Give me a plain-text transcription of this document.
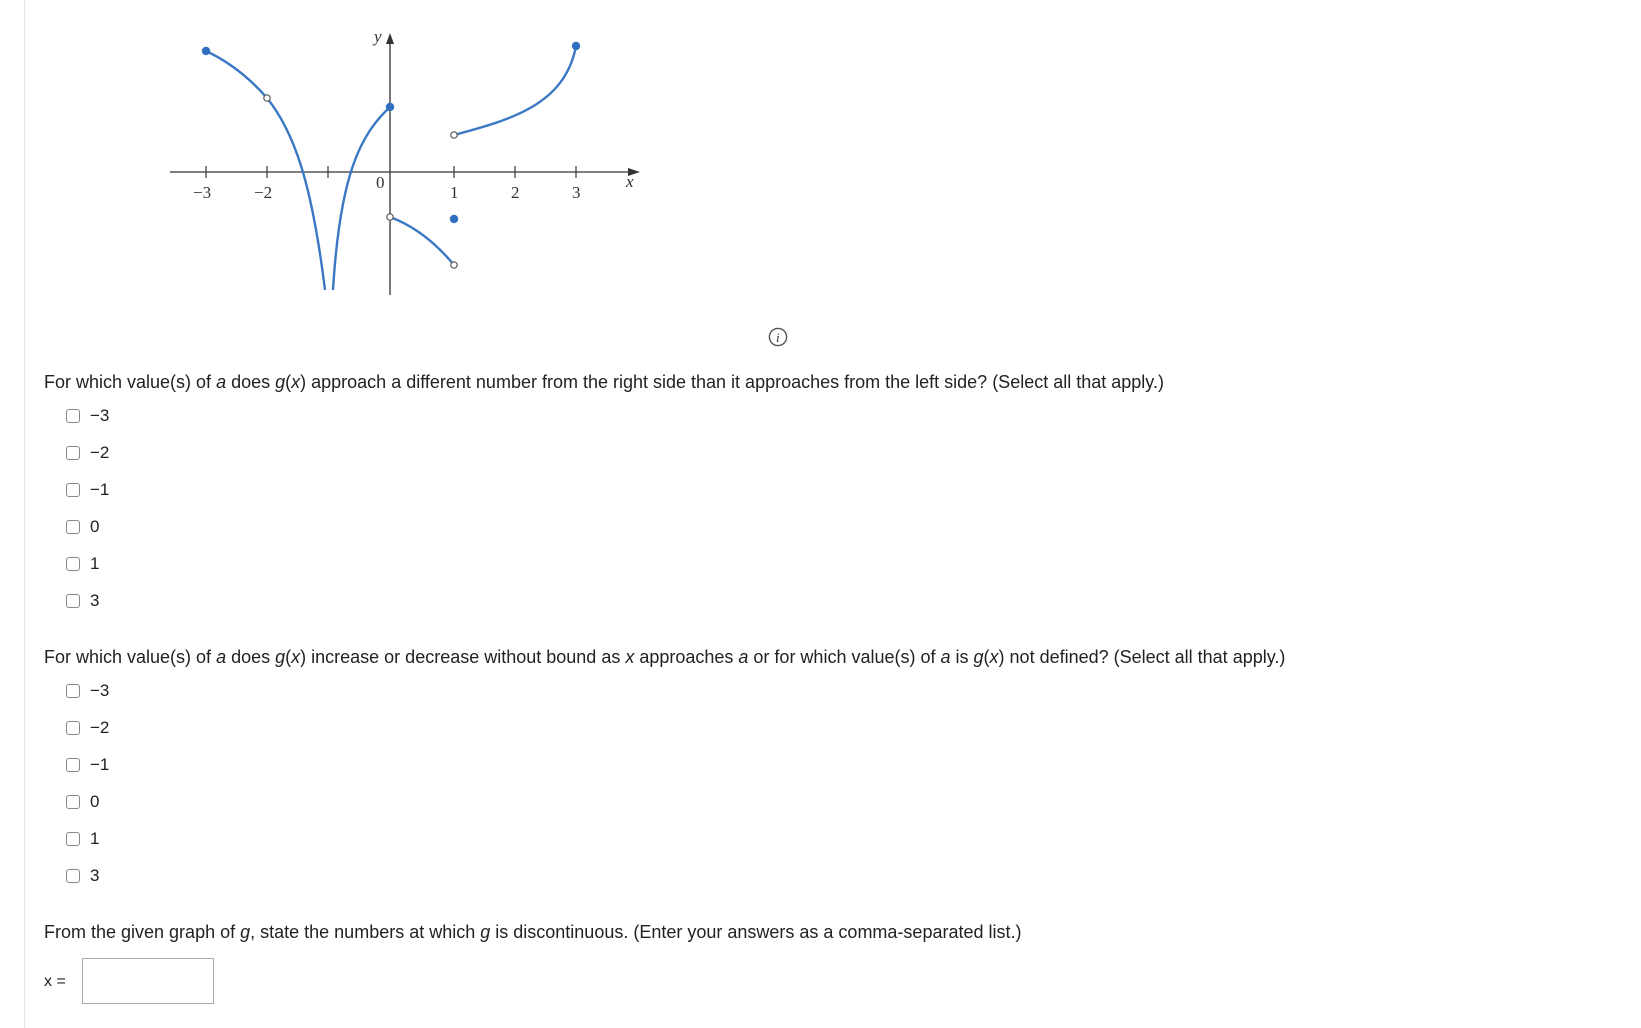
−3	−2
0
1	2	3
x
y
i
For which value(s) of a does g(x) approach a different number from the right side than it approaches from the left side? (Select all that apply.)
−3
−2
−1
0
1
3
For which value(s) of a does g(x) increase or decrease without bound as x approaches a or for which value(s) of a is g(x) not defined? (Select all that apply.)
−3
−2
−1
0
1
3
From the given graph of g, state the numbers at which g is discontinuous. (Enter your answers as a comma-separated list.)
x =
